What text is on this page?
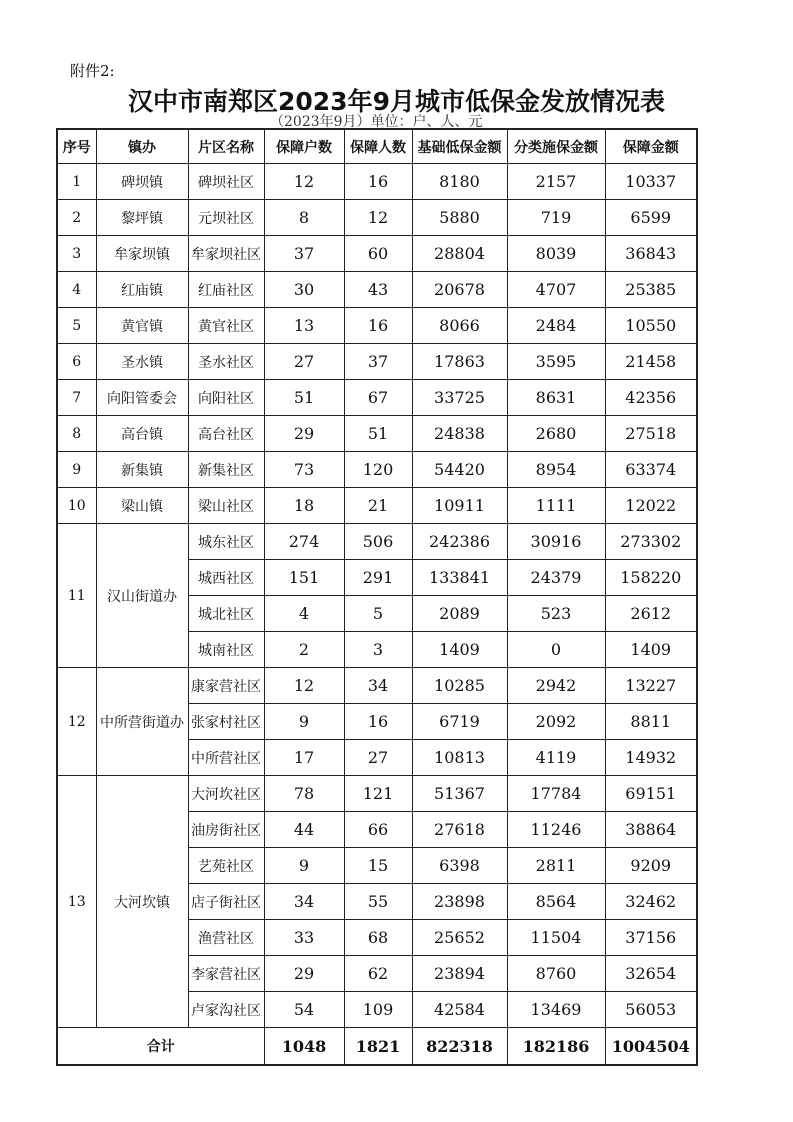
附件2:
汉中市南郑区2023年9月城市低保金发放情况表
（2023年9月）单位：户、人、元
序号	镇办	片区名称	保障户数	保障人数	基础低保金额	分类施保金额	保障金额
1	碑坝镇	碑坝社区	12	16	8180	2157	10337
2	黎坪镇	元坝社区	8	12	5880	719	6599
3	牟家坝镇	牟家坝社区	37	60	28804	8039	36843
4	红庙镇	红庙社区	30	43	20678	4707	25385
5	黄官镇	黄官社区	13	16	8066	2484	10550
6	圣水镇	圣水社区	27	37	17863	3595	21458
7	向阳管委会	向阳社区	51	67	33725	8631	42356
8	高台镇	高台社区	29	51	24838	2680	27518
9	新集镇	新集社区	73	120	54420	8954	63374
10	梁山镇	梁山社区	18	21	10911	1111	12022
11	汉山街道办	城东社区	274	506	242386	30916	273302
		城西社区	151	291	133841	24379	158220
		城北社区	4	5	2089	523	2612
		城南社区	2	3	1409	0	1409
12	中所营街道办	康家营社区	12	34	10285	2942	13227
		张家村社区	9	16	6719	2092	8811
		中所营社区	17	27	10813	4119	14932
13	大河坎镇	大河坎社区	78	121	51367	17784	69151
		油房街社区	44	66	27618	11246	38864
		艺苑社区	9	15	6398	2811	9209
		店子街社区	34	55	23898	8564	32462
		渔营社区	33	68	25652	11504	37156
		李家营社区	29	62	23894	8760	32654
		卢家沟社区	54	109	42584	13469	56053
合计			1048	1821	822318	182186	1004504
